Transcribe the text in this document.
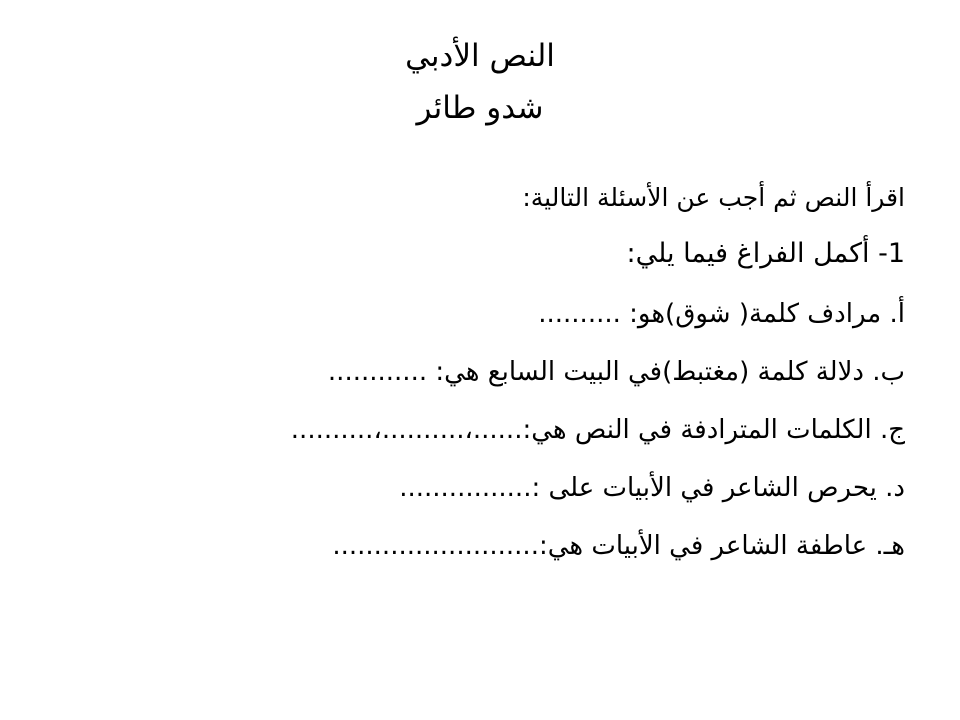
النص الأدبي
شدو طائر
اقرأ النص ثم أجب عن الأسئلة التالية:
1- أكمل الفراغ فيما يلي:
أ. مرادف كلمة( شوق)هو: ..........
ب. دلالة كلمة (مغتبط)في البيت السابع هي: ............
ج. الكلمات المترادفة في النص هي:......،..........،..........
د. يحرص الشاعر في الأبيات على :................
هـ. عاطفة الشاعر في الأبيات هي:.........................
